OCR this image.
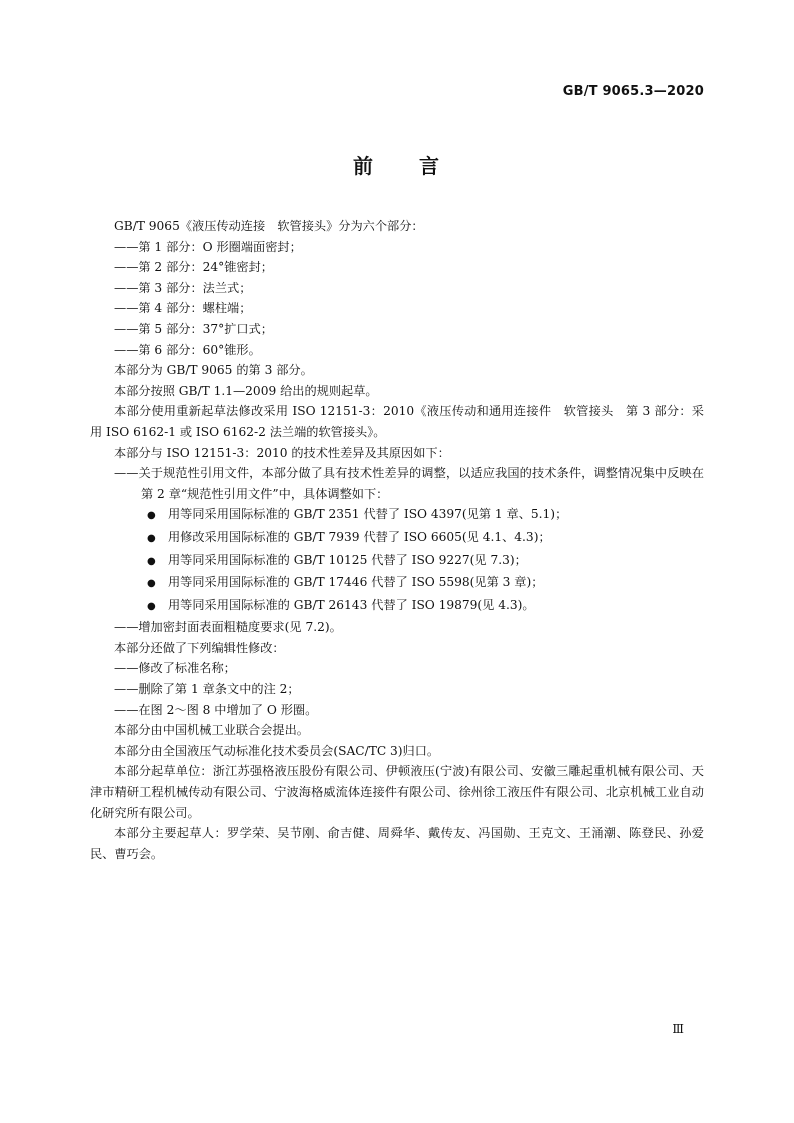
GB/T 9065.3—2020
前 言

GB/T 9065《液压传动连接　软管接头》分为六个部分：

——第 1 部分：O 形圈端面密封；

——第 2 部分：24°锥密封；

——第 3 部分：法兰式；

——第 4 部分：螺柱端；

——第 5 部分：37°扩口式；

——第 6 部分：60°锥形。

本部分为 GB/T 9065 的第 3 部分。

本部分按照 GB/T 1.1—2009 给出的规则起草。

本部分使用重新起草法修改采用 ISO 12151-3：2010《液压传动和通用连接件　软管接头　第 3 部分：采用 ISO 6162-1 或 ISO 6162-2 法兰端的软管接头》。

本部分与 ISO 12151-3：2010 的技术性差异及其原因如下：

——关于规范性引用文件，本部分做了具有技术性差异的调整，以适应我国的技术条件，调整情况集中反映在第 2 章“规范性引用文件”中，具体调整如下：

● 用等同采用国际标准的 GB/T 2351 代替了 ISO 4397(见第 1 章、5.1)；

● 用修改采用国际标准的 GB/T 7939 代替了 ISO 6605(见 4.1、4.3)；

● 用等同采用国际标准的 GB/T 10125 代替了 ISO 9227(见 7.3)；

● 用等同采用国际标准的 GB/T 17446 代替了 ISO 5598(见第 3 章)；

● 用等同采用国际标准的 GB/T 26143 代替了 ISO 19879(见 4.3)。

——增加密封面表面粗糙度要求(见 7.2)。

本部分还做了下列编辑性修改：

——修改了标准名称；

——删除了第 1 章条文中的注 2；

——在图 2～图 8 中增加了 O 形圈。

本部分由中国机械工业联合会提出。

本部分由全国液压气动标准化技术委员会(SAC/TC 3)归口。

本部分起草单位：浙江苏强格液压股份有限公司、伊顿液压(宁波)有限公司、安徽三雕起重机械有限公司、天津市精研工程机械传动有限公司、宁波海格威流体连接件有限公司、徐州徐工液压件有限公司、北京机械工业自动化研究所有限公司。

本部分主要起草人：罗学荣、吴节刚、俞吉健、周舜华、戴传友、冯国勋、王克文、王涌潮、陈登民、孙爱民、曹巧会。

Ⅲ
